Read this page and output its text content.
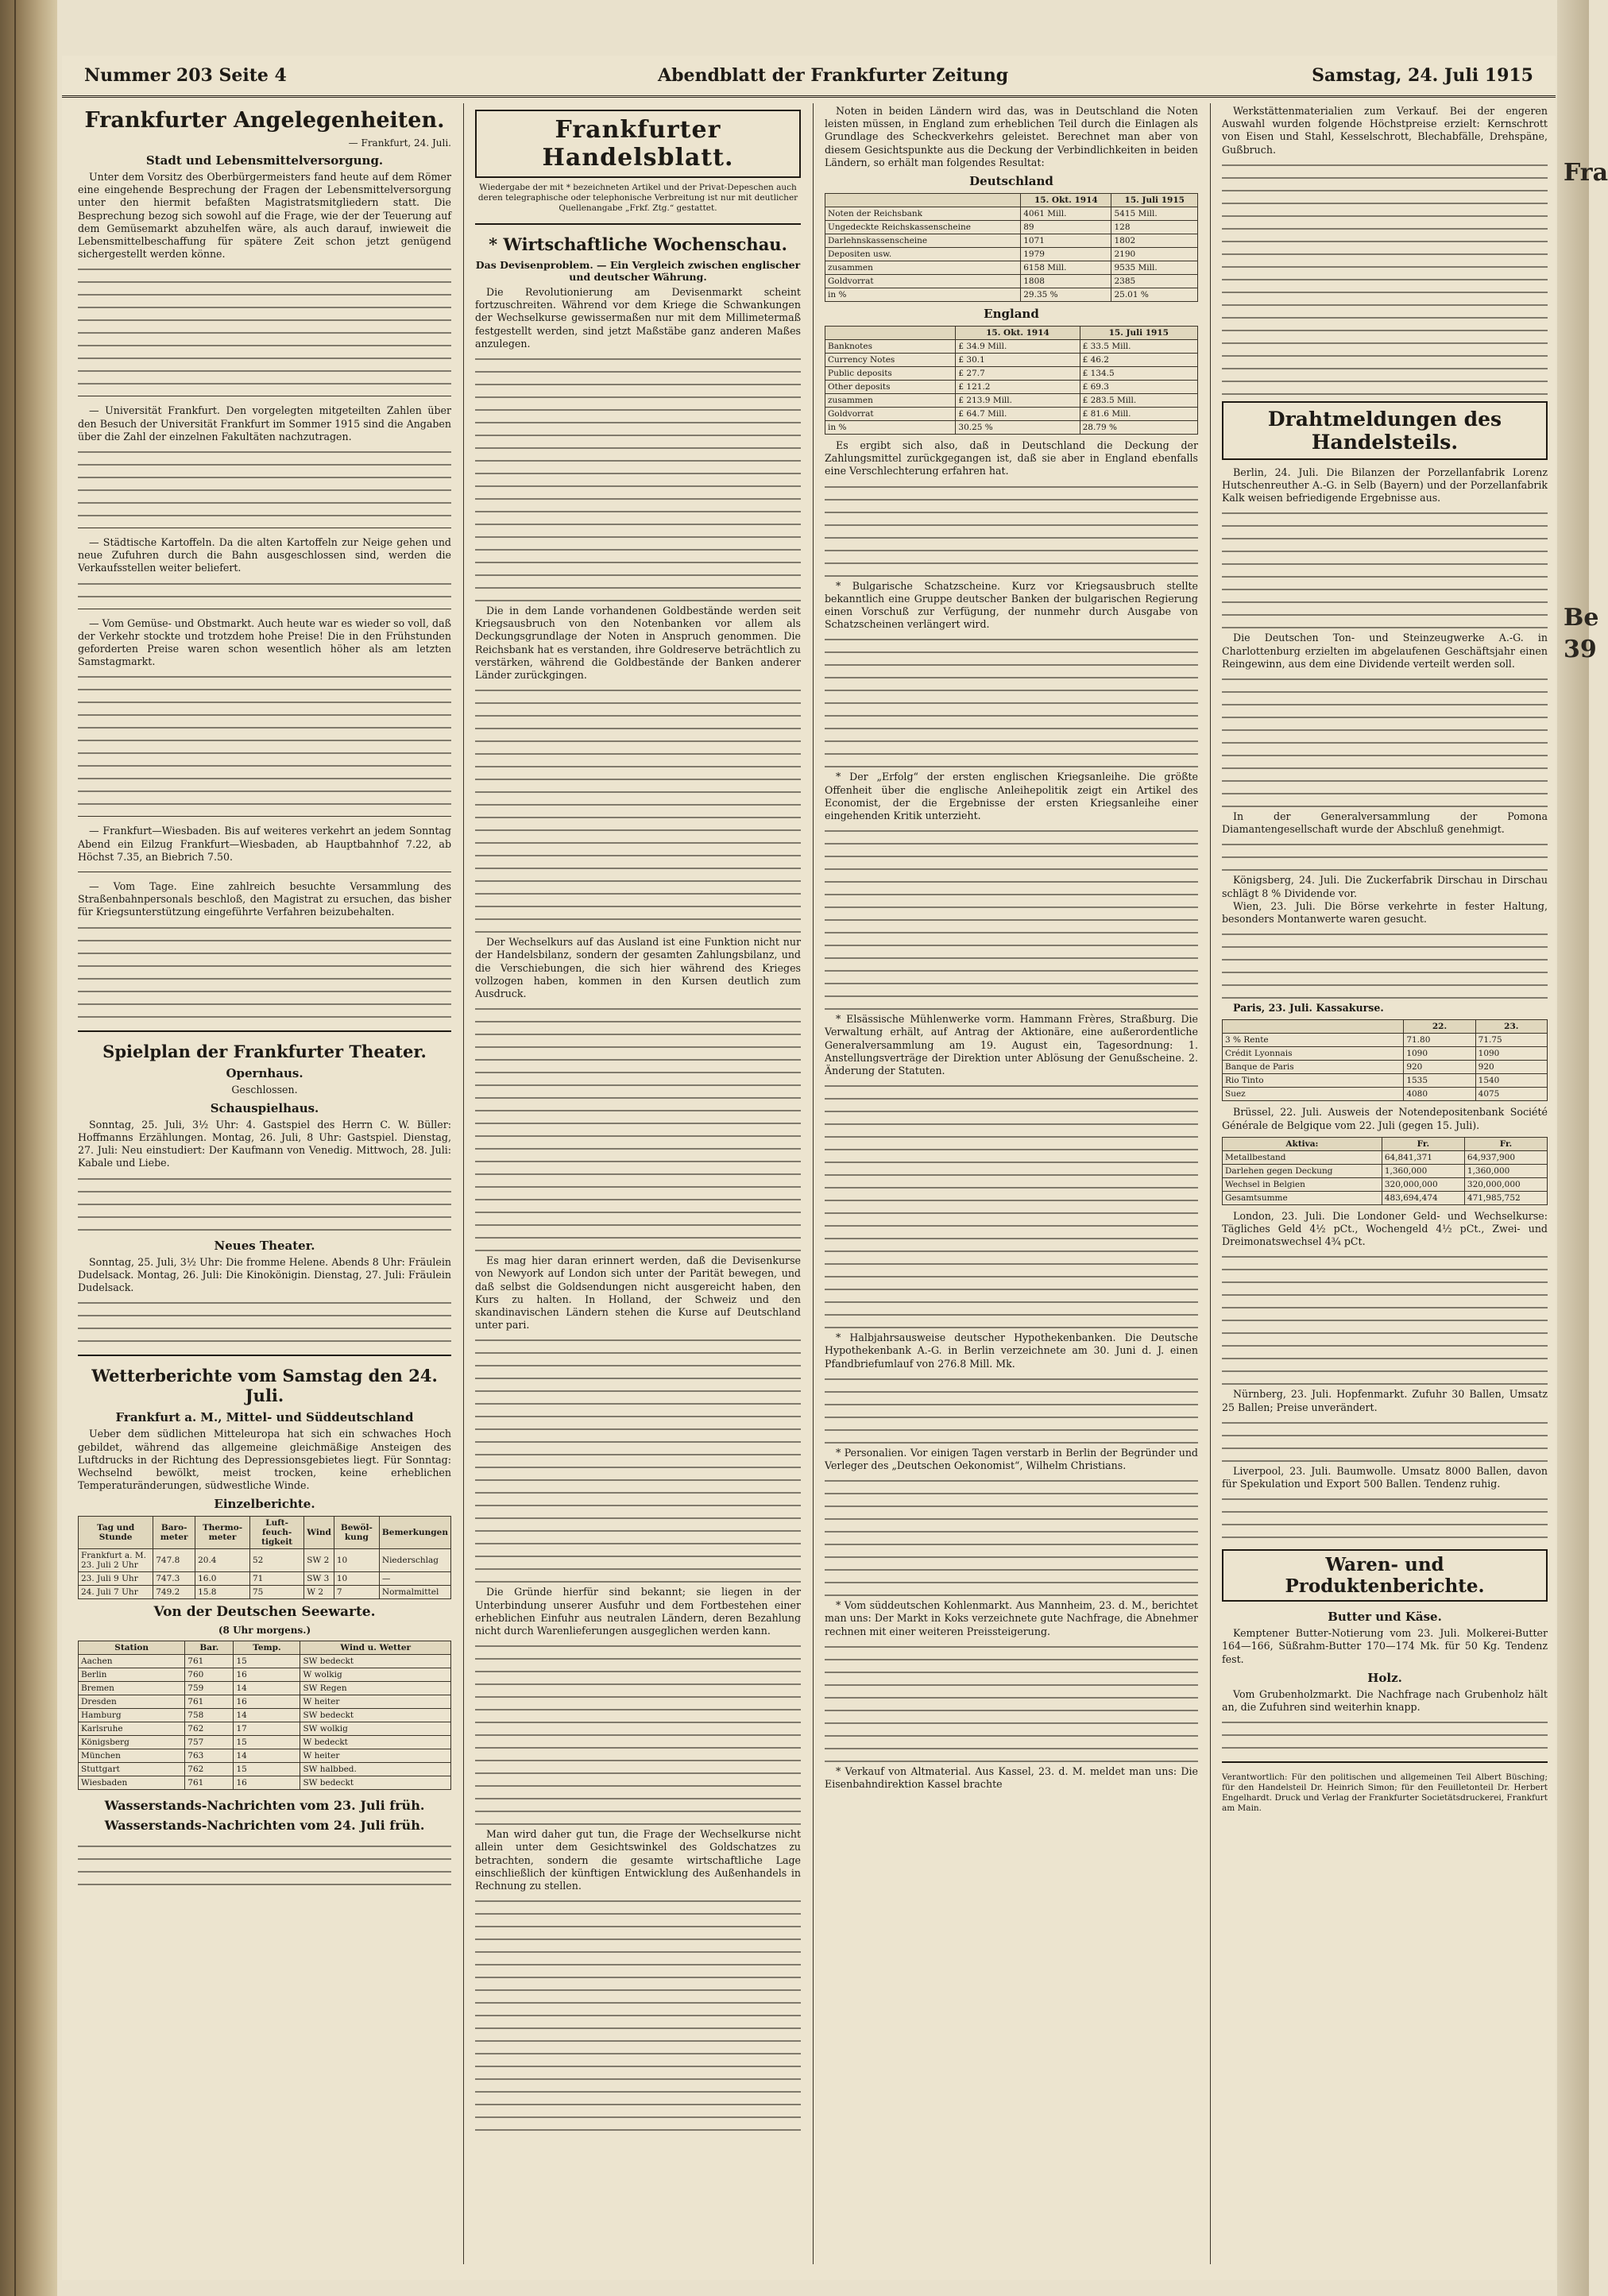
Fra
Be
39
Nummer 203 Seite 4	Abendblatt der Frankfurter Zeitung	Samstag, 24. Juli 1915
Frankfurter Angelegenheiten.
— Frankfurt, 24. Juli.
Stadt und Lebensmittelversorgung.

Unter dem Vorsitz des Oberbürgermeisters fand heute auf dem Römer eine eingehende Besprechung der Fragen der Lebensmittelversorgung unter den hiermit befaßten Magistratsmitgliedern statt. Die Besprechung bezog sich sowohl auf die Frage, wie der der Teuerung auf dem Gemüsemarkt abzuhelfen wäre, als auch darauf, inwieweit die Lebensmittelbeschaffung für spätere Zeit schon jetzt genügend sichergestellt werden könne.

— Universität Frankfurt. Den vorgelegten mitgeteilten Zahlen über den Besuch der Universität Frankfurt im Sommer 1915 sind die Angaben über die Zahl der einzelnen Fakultäten nachzutragen.

— Städtische Kartoffeln. Da die alten Kartoffeln zur Neige gehen und neue Zufuhren durch die Bahn ausgeschlossen sind, werden die Verkaufsstellen weiter beliefert.

— Vom Gemüse- und Obstmarkt. Auch heute war es wieder so voll, daß der Verkehr stockte und trotzdem hohe Preise! Die in den Frühstunden geforderten Preise waren schon wesentlich höher als am letzten Samstagmarkt.

— Frankfurt—Wiesbaden. Bis auf weiteres verkehrt an jedem Sonntag Abend ein Eilzug Frankfurt—Wiesbaden, ab Hauptbahnhof 7.22, ab Höchst 7.35, an Biebrich 7.50.

— Vom Tage. Eine zahlreich besuchte Versammlung des Straßenbahnpersonals beschloß, den Magistrat zu ersuchen, das bisher für Kriegsunterstützung eingeführte Verfahren beizubehalten.

Spielplan der Frankfurter Theater.
Opernhaus.

Geschlossen.

Schauspielhaus.

Sonntag, 25. Juli, 3½ Uhr: 4. Gastspiel des Herrn C. W. Büller: Hoffmanns Erzählungen. Montag, 26. Juli, 8 Uhr: Gastspiel. Dienstag, 27. Juli: Neu einstudiert: Der Kaufmann von Venedig. Mittwoch, 28. Juli: Kabale und Liebe.

Neues Theater.

Sonntag, 25. Juli, 3½ Uhr: Die fromme Helene. Abends 8 Uhr: Fräulein Dudelsack. Montag, 26. Juli: Die Kinokönigin. Dienstag, 27. Juli: Fräulein Dudelsack.

Wetterberichte vom Samstag den 24. Juli.
Frankfurt a. M., Mittel- und Süddeutschland

Ueber dem südlichen Mitteleuropa hat sich ein schwaches Hoch gebildet, während das allgemeine gleichmäßige Ansteigen des Luftdrucks in der Richtung des Depressionsgebietes liegt. Für Sonntag: Wechselnd bewölkt, meist trocken, keine erheblichen Temperaturänderungen, südwestliche Winde.

Einzelberichte.
Tag und Stunde	Baro-meter	Thermo-meter	Luft-feuch-tigkeit	Wind	Bewöl-kung	Bemerkungen
Frankfurt a. M. 23. Juli 2 Uhr	747.8	20.4	52	SW 2	10	Niederschlag
23. Juli 9 Uhr	747.3	16.0	71	SW 3	10	—
24. Juli 7 Uhr	749.2	15.8	75	W 2	7	Normalmittel
Von der Deutschen Seewarte.
(8 Uhr morgens.)
Station	Bar.	Temp.	Wind u. Wetter
Aachen	761	15	SW bedeckt
Berlin	760	16	W wolkig
Bremen	759	14	SW Regen
Dresden	761	16	W heiter
Hamburg	758	14	SW bedeckt
Karlsruhe	762	17	SW wolkig
Königsberg	757	15	W bedeckt
München	763	14	W heiter
Stuttgart	762	15	SW halbbed.
Wiesbaden	761	16	SW bedeckt
Wasserstands-Nachrichten vom 23. Juli früh.
Wasserstands-Nachrichten vom 24. Juli früh.
Frankfurter Handelsblatt.

Wiedergabe der mit * bezeichneten Artikel und der Privat-Depeschen auch deren telegraphische oder telephonische Verbreitung ist nur mit deutlicher Quellenangabe „Frkf. Ztg.“ gestattet.

* Wirtschaftliche Wochenschau.
Das Devisenproblem. — Ein Vergleich zwischen englischer und deutscher Währung.

Die Revolutionierung am Devisenmarkt scheint fortzuschreiten. Während vor dem Kriege die Schwankungen der Wechselkurse gewissermaßen nur mit dem Millimetermaß festgestellt werden, sind jetzt Maßstäbe ganz anderen Maßes anzulegen.

Die in dem Lande vorhandenen Goldbestände werden seit Kriegsausbruch von den Notenbanken vor allem als Deckungsgrundlage der Noten in Anspruch genommen. Die Reichsbank hat es verstanden, ihre Goldreserve beträchtlich zu verstärken, während die Goldbestände der Banken anderer Länder zurückgingen.

Der Wechselkurs auf das Ausland ist eine Funktion nicht nur der Handelsbilanz, sondern der gesamten Zahlungsbilanz, und die Verschiebungen, die sich hier während des Krieges vollzogen haben, kommen in den Kursen deutlich zum Ausdruck.

Es mag hier daran erinnert werden, daß die Devisenkurse von Newyork auf London sich unter der Parität bewegen, und daß selbst die Goldsendungen nicht ausgereicht haben, den Kurs zu halten. In Holland, der Schweiz und den skandinavischen Ländern stehen die Kurse auf Deutschland unter pari.

Die Gründe hierfür sind bekannt; sie liegen in der Unterbindung unserer Ausfuhr und dem Fortbestehen einer erheblichen Einfuhr aus neutralen Ländern, deren Bezahlung nicht durch Warenlieferungen ausgeglichen werden kann.

Man wird daher gut tun, die Frage der Wechselkurse nicht allein unter dem Gesichtswinkel des Goldschatzes zu betrachten, sondern die gesamte wirtschaftliche Lage einschließlich der künftigen Entwicklung des Außenhandels in Rechnung zu stellen.

Noten in beiden Ländern wird das, was in Deutschland die Noten leisten müssen, in England zum erheblichen Teil durch die Einlagen als Grundlage des Scheckverkehrs geleistet. Berechnet man aber von diesem Gesichtspunkte aus die Deckung der Verbindlichkeiten in beiden Ländern, so erhält man folgendes Resultat:

Deutschland
	15. Okt. 1914	15. Juli 1915
Noten der Reichsbank	4061 Mill.	5415 Mill.
Ungedeckte Reichskassenscheine	89	128
Darlehnskassenscheine	1071	1802
Depositen usw.	1979	2190
zusammen	6158 Mill.	9535 Mill.
Goldvorrat	1808	2385
in %	29.35 %	25.01 %
England
	15. Okt. 1914	15. Juli 1915
Banknotes	£ 34.9 Mill.	£ 33.5 Mill.
Currency Notes	£ 30.1	£ 46.2
Public deposits	£ 27.7	£ 134.5
Other deposits	£ 121.2	£ 69.3
zusammen	£ 213.9 Mill.	£ 283.5 Mill.
Goldvorrat	£ 64.7 Mill.	£ 81.6 Mill.
in %	30.25 %	28.79 %

Es ergibt sich also, daß in Deutschland die Deckung der Zahlungsmittel zurückgegangen ist, daß sie aber in England ebenfalls eine Verschlechterung erfahren hat.

* Bulgarische Schatzscheine. Kurz vor Kriegsausbruch stellte bekanntlich eine Gruppe deutscher Banken der bulgarischen Regierung einen Vorschuß zur Verfügung, der nunmehr durch Ausgabe von Schatzscheinen verlängert wird.

* Der „Erfolg“ der ersten englischen Kriegsanleihe. Die größte Offenheit über die englische Anleihepolitik zeigt ein Artikel des Economist, der die Ergebnisse der ersten Kriegsanleihe einer eingehenden Kritik unterzieht.

* Elsässische Mühlenwerke vorm. Hammann Frères, Straßburg. Die Verwaltung erhält, auf Antrag der Aktionäre, eine außerordentliche Generalversammlung am 19. August ein, Tagesordnung: 1. Anstellungsverträge der Direktion unter Ablösung der Genußscheine. 2. Änderung der Statuten.

* Halbjahrsausweise deutscher Hypothekenbanken. Die Deutsche Hypothekenbank A.-G. in Berlin verzeichnete am 30. Juni d. J. einen Pfandbriefumlauf von 276.8 Mill. Mk.

* Personalien. Vor einigen Tagen verstarb in Berlin der Begründer und Verleger des „Deutschen Oekonomist“, Wilhelm Christians.

* Vom süddeutschen Kohlenmarkt. Aus Mannheim, 23. d. M., berichtet man uns: Der Markt in Koks verzeichnete gute Nachfrage, die Abnehmer rechnen mit einer weiteren Preissteigerung.

* Verkauf von Altmaterial. Aus Kassel, 23. d. M. meldet man uns: Die Eisenbahndirektion Kassel brachte

Werkstättenmaterialien zum Verkauf. Bei der engeren Auswahl wurden folgende Höchstpreise erzielt: Kernschrott von Eisen und Stahl, Kesselschrott, Blechabfälle, Drehspäne, Gußbruch.

Drahtmeldungen des Handelsteils.

Berlin, 24. Juli. Die Bilanzen der Porzellanfabrik Lorenz Hutschenreuther A.-G. in Selb (Bayern) und der Porzellanfabrik Kalk weisen befriedigende Ergebnisse aus.

Die Deutschen Ton- und Steinzeugwerke A.-G. in Charlottenburg erzielten im abgelaufenen Geschäftsjahr einen Reingewinn, aus dem eine Dividende verteilt werden soll.

In der Generalversammlung der Pomona Diamantengesellschaft wurde der Abschluß genehmigt.

Königsberg, 24. Juli. Die Zuckerfabrik Dirschau in Dirschau schlägt 8 % Dividende vor.

Wien, 23. Juli. Die Börse verkehrte in fester Haltung, besonders Montanwerte waren gesucht.

Paris, 23. Juli. Kassakurse.

	22.	23.
3 % Rente	71.80	71.75
Crédit Lyonnais	1090	1090
Banque de Paris	920	920
Rio Tinto	1535	1540
Suez	4080	4075

Brüssel, 22. Juli. Ausweis der Notendepositenbank Société Générale de Belgique vom 22. Juli (gegen 15. Juli).

Aktiva:	Fr.	Fr.
Metallbestand	64,841,371	64,937,900
Darlehen gegen Deckung	1,360,000	1,360,000
Wechsel in Belgien	320,000,000	320,000,000
Gesamtsumme	483,694,474	471,985,752

London, 23. Juli. Die Londoner Geld- und Wechselkurse: Tägliches Geld 4½ pCt., Wochengeld 4½ pCt., Zwei- und Dreimonatswechsel 4¾ pCt.

Nürnberg, 23. Juli. Hopfenmarkt. Zufuhr 30 Ballen, Umsatz 25 Ballen; Preise unverändert.

Liverpool, 23. Juli. Baumwolle. Umsatz 8000 Ballen, davon für Spekulation und Export 500 Ballen. Tendenz ruhig.

Waren- und Produktenberichte.
Butter und Käse.

Kemptener Butter-Notierung vom 23. Juli. Molkerei-Butter 164—166, Süßrahm-Butter 170—174 Mk. für 50 Kg. Tendenz fest.

Holz.

Vom Grubenholzmarkt. Die Nachfrage nach Grubenholz hält an, die Zufuhren sind weiterhin knapp.

Verantwortlich: Für den politischen und allgemeinen Teil Albert Büsching; für den Handelsteil Dr. Heinrich Simon; für den Feuilletonteil Dr. Herbert Engelhardt. Druck und Verlag der Frankfurter Societätsdruckerei, Frankfurt am Main.
